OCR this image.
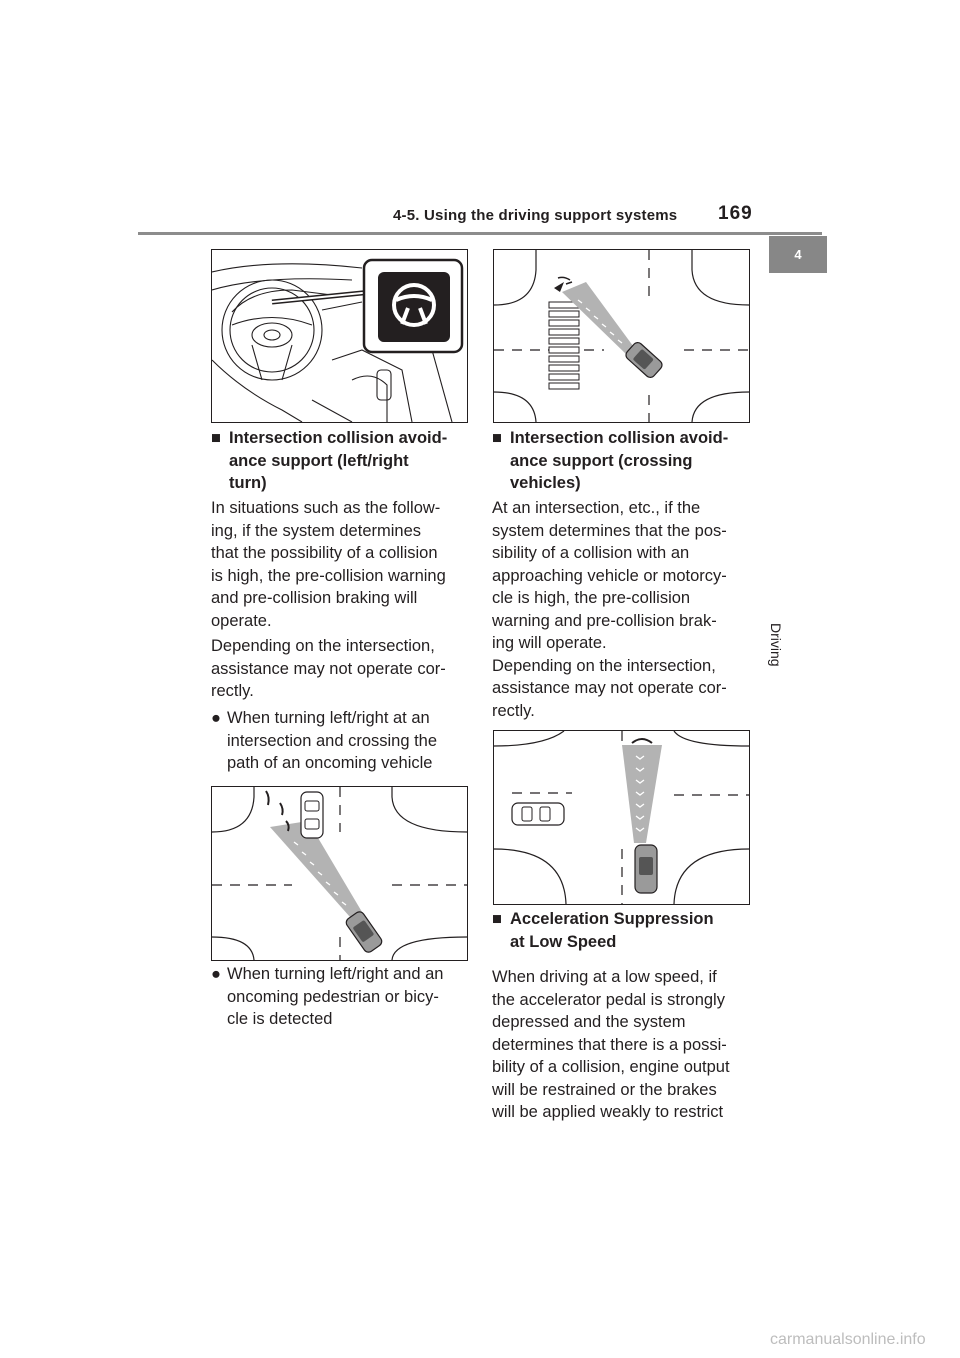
4-5. Using the driving support systems 169
4
Driving
■ Intersection collision avoid-
ance support (left/right
turn)
In situations such as the follow-
ing, if the system determines
that the possibility of a collision
is high, the pre-collision warning
and pre-collision braking will
operate.
Depending on the intersection,
assistance may not operate cor-
rectly.
● When turning left/right at an
intersection and crossing the
path of an oncoming vehicle
● When turning left/right and an
oncoming pedestrian or bicy-
cle is detected
■ Intersection collision avoid-
ance support (crossing
vehicles)
At an intersection, etc., if the
system determines that the pos-
sibility of a collision with an
approaching vehicle or motorcy-
cle is high, the pre-collision
warning and pre-collision brak-
ing will operate.
Depending on the intersection,
assistance may not operate cor-
rectly.
■ Acceleration Suppression
at Low Speed
When driving at a low speed, if
the accelerator pedal is strongly
depressed and the system
determines that there is a possi-
bility of a collision, engine output
will be restrained or the brakes
will be applied weakly to restrict
carmanualsonline.info
